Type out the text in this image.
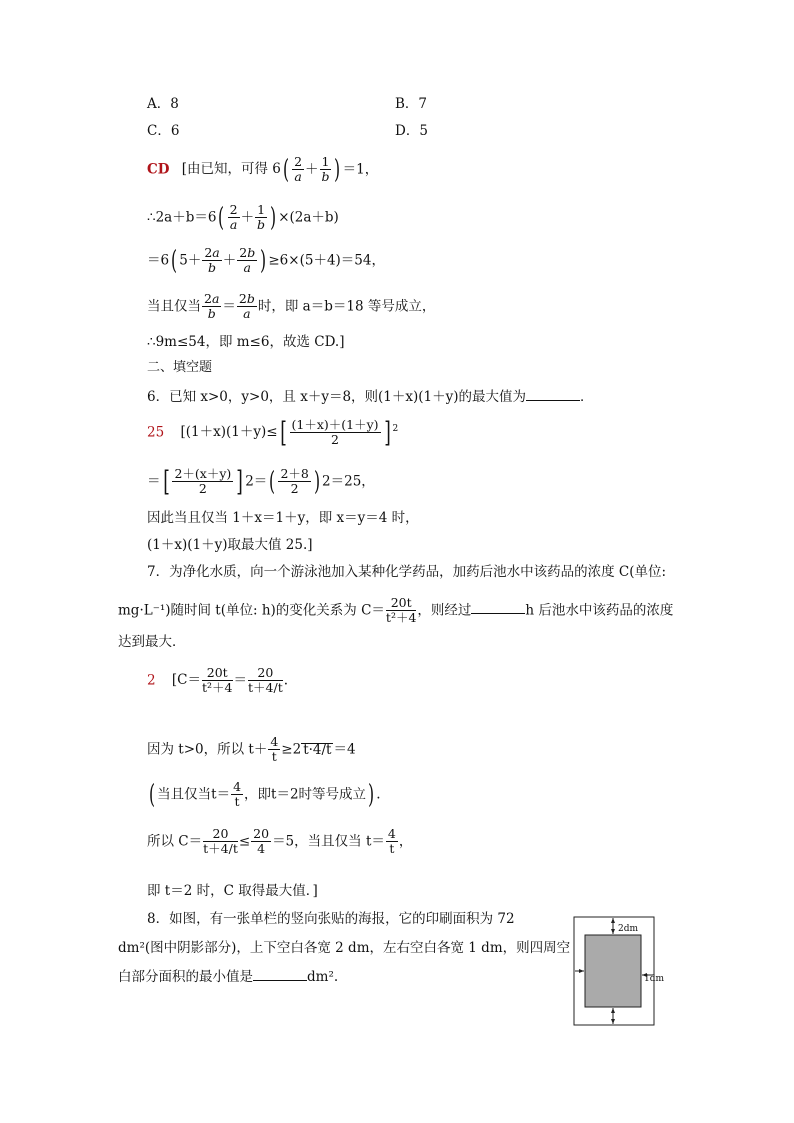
A．8	B．7
C．6	D．5
CD [由已知，可得 $6( \frac{2}{a} + \frac{1}{b}$ ) ＝1，
∴2a＋b＝6( $\frac{2}{a} + \frac{1}{b}$ ) ×(2a＋b)
＝6( $5+ \frac{2a}{b} + \frac{2b}{a}$ ) ≥6×(5＋4)＝54，
当且仅当 $\frac{2a}{b} = \frac{2b}{a}$ 时，即 a＝b＝18 等号成立，
∴9m≤54，即 m≤6，故选 CD.]
二、填空题
6．已知 x>0，y>0，且 x＋y＝8，则(1＋x)(1＋y)的最大值为	．
25 [$(1+x)(1+y)\le[ \frac{(1+x)+(1+y)}{2}$ ] $^2$
＝[ $\frac{2+(x+y)}{2}$ ] $2=( \frac{2+8}{2}$ ) 2＝25，
因此当且仅当 1＋x＝1＋y，即 x＝y＝4 时，
(1＋x)(1＋y)取最大值 25.]
7．为净化水质，向一个游泳池加入某种化学药品，加药后池水中该药品的浓度 C(单位:
mg·L⁻¹)随时间 t(单位: h)的变化关系为 $C= \frac{20t}{\text{t²＋4}}$ ，则经过	h 后池水中该药品的浓度
达到最大．
2 [$C= \frac{20t}{\text{t²＋4}} = \frac{20}{t+4/t}$ .
因为 t>0，所以 $t+ \frac{4}{t} \ge 2$ t·4/t ＝4
( 当且仅当$t= \frac{4}{t}$ ，即t＝2时等号成立) .
所以 $C= \frac{20}{t+4/t} \le \frac{20}{4} =5$，当且仅当 $t= \frac{4}{t}$ ，
即 t＝2 时，C 取得最大值．]
8．如图，有一张单栏的竖向张贴的海报，它的印刷面积为 72
dm²(图中阴影部分)，上下空白各宽 2 dm，左右空白各宽 1 dm，则四周空
白部分面积的最小值是	dm².
2dm
1dm
